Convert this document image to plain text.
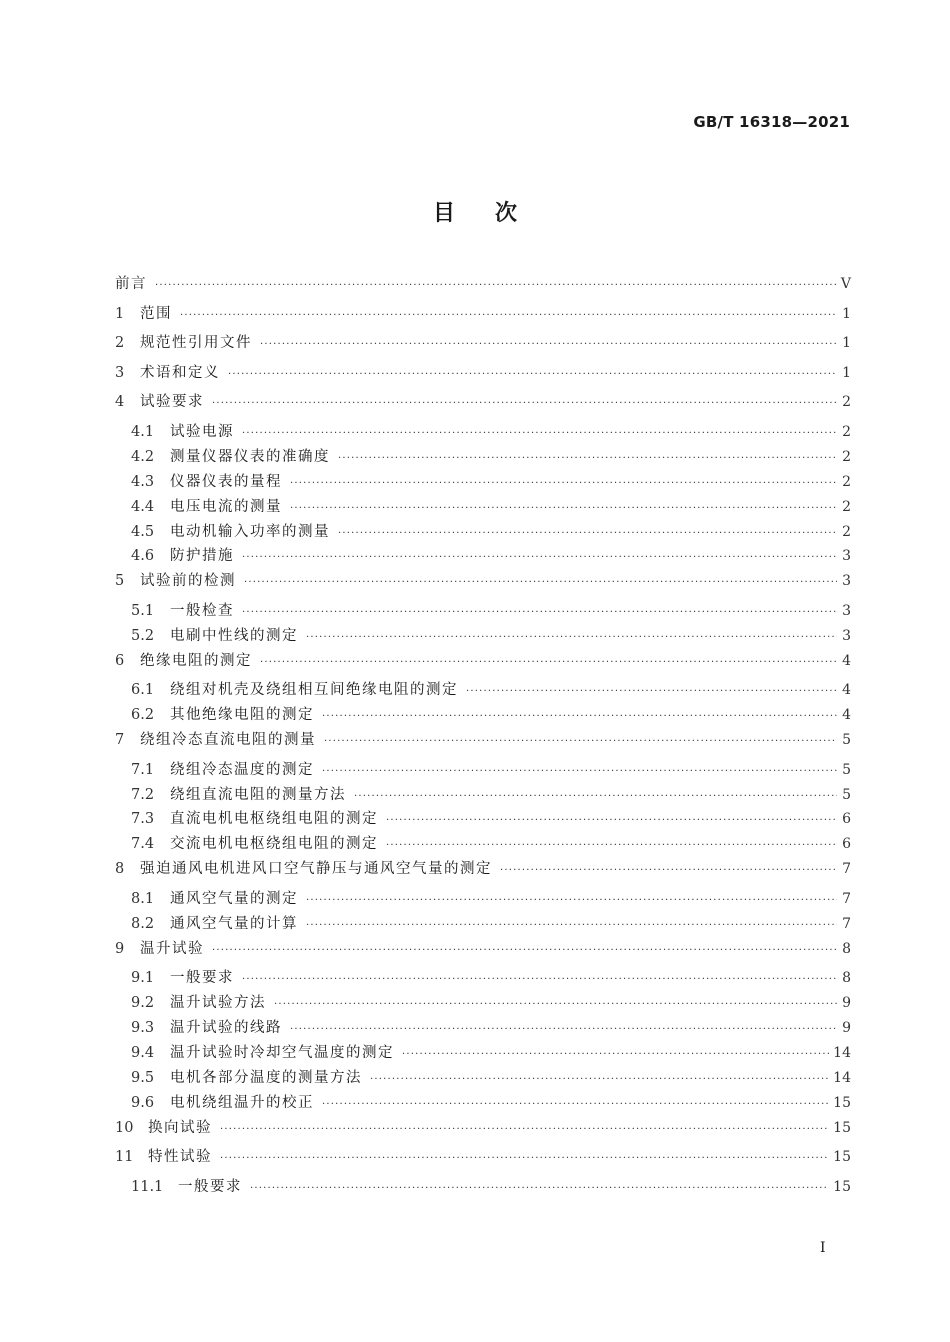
GB/T 16318—2021
目次
前言 ·····	Ⅴ
1	范围 ·····	1
2	规范性引用文件 ·····	1
3	术语和定义 ·····	1
4	试验要求 ·····	2
4.1	试验电源 ·····	2
4.2	测量仪器仪表的准确度 ·····	2
4.3	仪器仪表的量程 ·····	2
4.4	电压电流的测量 ·····	2
4.5	电动机输入功率的测量 ·····	2
4.6	防护措施 ·····	3
5	试验前的检测 ·····	3
5.1	一般检查 ·····	3
5.2	电刷中性线的测定 ·····	3
6	绝缘电阻的测定 ·····	4
6.1	绕组对机壳及绕组相互间绝缘电阻的测定 ·····	4
6.2	其他绝缘电阻的测定 ·····	4
7	绕组冷态直流电阻的测量 ·····	5
7.1	绕组冷态温度的测定 ·····	5
7.2	绕组直流电阻的测量方法 ·····	5
7.3	直流电机电枢绕组电阻的测定 ·····	6
7.4	交流电机电枢绕组电阻的测定 ·····	6
8	强迫通风电机进风口空气静压与通风空气量的测定 ·····	7
8.1	通风空气量的测定 ·····	7
8.2	通风空气量的计算 ·····	7
9	温升试验 ·····	8
9.1	一般要求 ·····	8
9.2	温升试验方法 ·····	9
9.3	温升试验的线路 ·····	9
9.4	温升试验时冷却空气温度的测定 ·····	14
9.5	电机各部分温度的测量方法 ·····	14
9.6	电机绕组温升的校正 ·····	15
10	换向试验 ·····	15
11	特性试验 ·····	15
11.1	一般要求 ·····	15
Ⅰ
